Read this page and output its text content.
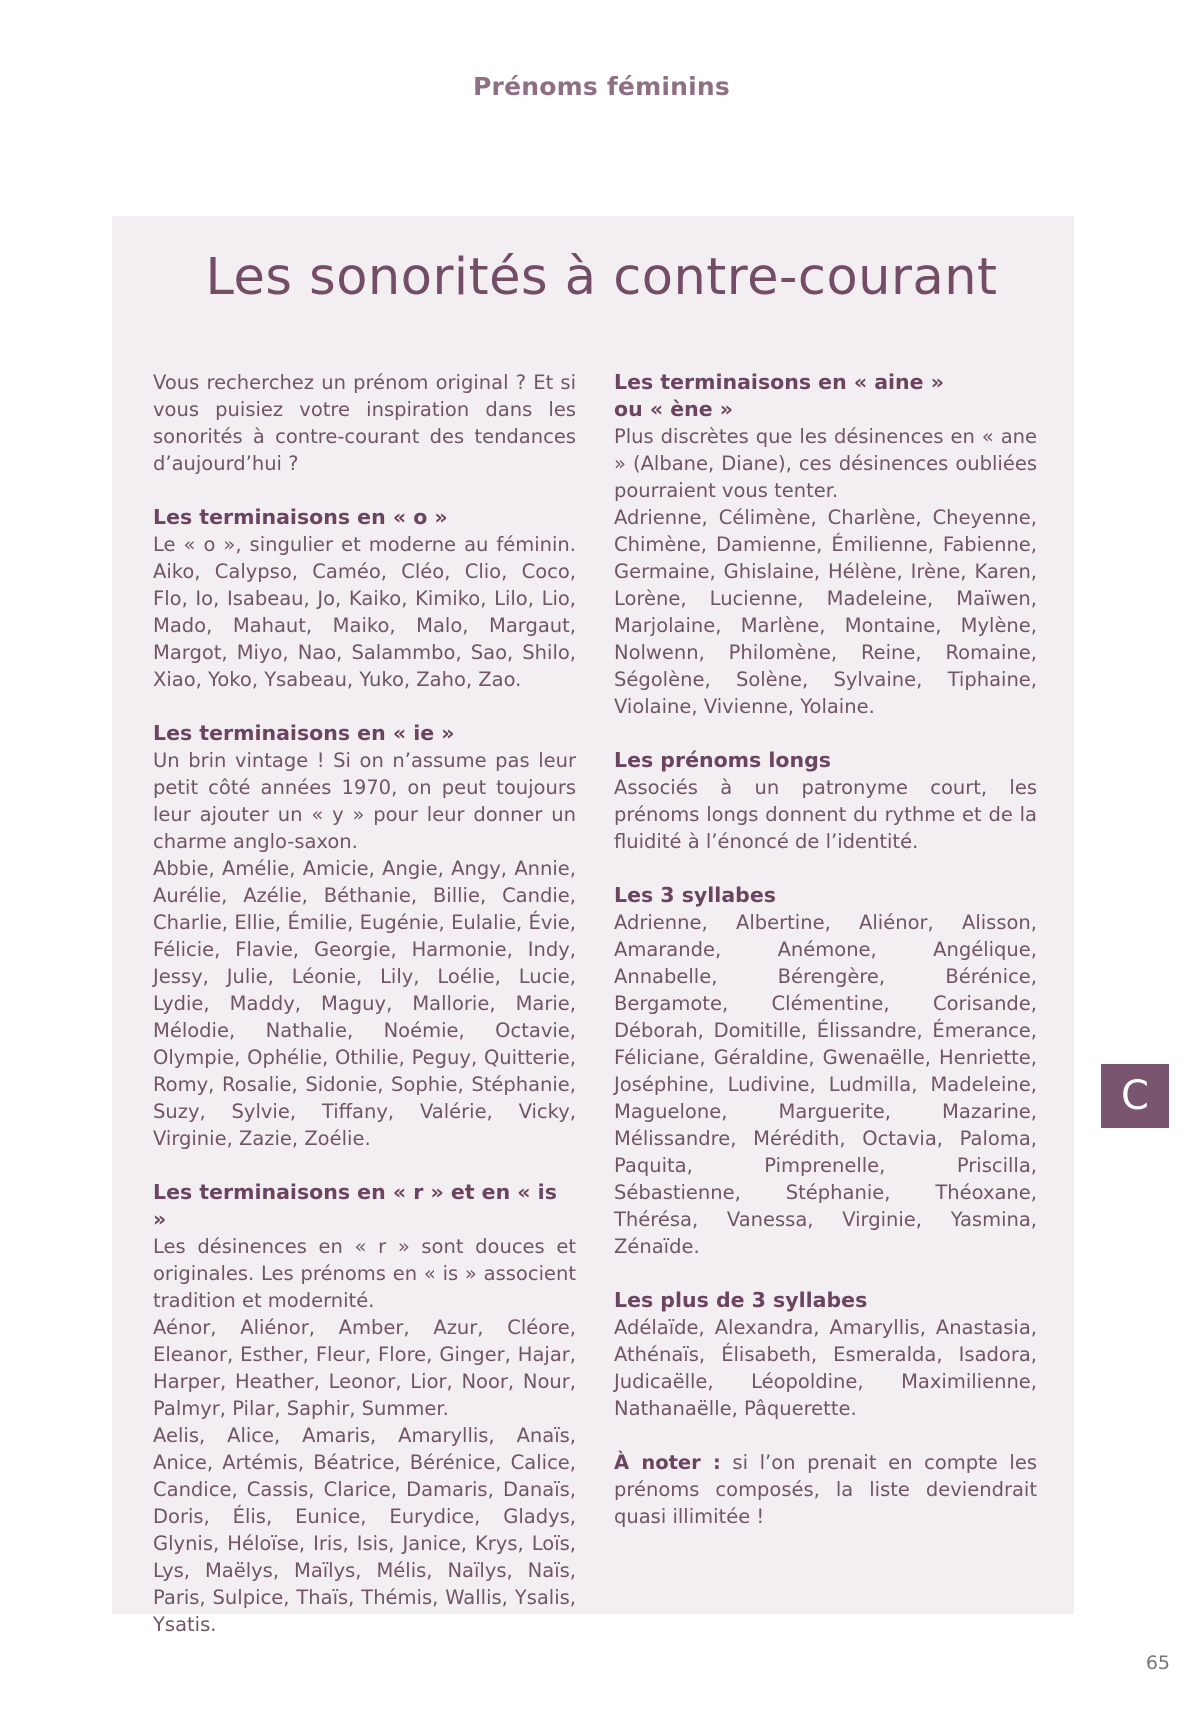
Prénoms féminins
Les sonorités à contre-courant

Vous recherchez un prénom original ? Et si vous puisiez votre inspiration dans les sonorités à contre-courant des tendances d’aujourd’hui ?

Les terminaisons en « o »

Le « o », singulier et moderne au féminin. Aiko, Calypso, Caméo, Cléo, Clio, Coco, Flo, Io, Isabeau, Jo, Kaiko, Kimiko, Lilo, Lio, Mado, Mahaut, Maiko, Malo, Margaut, Margot, Miyo, Nao, Salammbo, Sao, Shilo, Xiao, Yoko, Ysabeau, Yuko, Zaho, Zao.

Les terminaisons en « ie »

Un brin vintage ! Si on n’assume pas leur petit côté années 1970, on peut toujours leur ajouter un « y » pour leur donner un charme anglo-saxon.

Abbie, Amélie, Amicie, Angie, Angy, Annie, Aurélie, Azélie, Béthanie, Billie, Candie, Charlie, Ellie, Émilie, Eugénie, Eulalie, Évie, Félicie, Flavie, Georgie, Harmonie, Indy, Jessy, Julie, Léonie, Lily, Loélie, Lucie, Lydie, Maddy, Maguy, Mallorie, Marie, Mélodie, Nathalie, Noémie, Octavie, Olympie, Ophélie, Othilie, Peguy, Quitterie, Romy, Rosalie, Sidonie, Sophie, Stéphanie, Suzy, Sylvie, Tiffany, Valérie, Vicky, Virginie, Zazie, Zoélie.

Les terminaisons en « r » et en « is »

Les désinences en « r » sont douces et originales. Les prénoms en « is » associent tradition et modernité.

Aénor, Aliénor, Amber, Azur, Cléore, Eleanor, Esther, Fleur, Flore, Ginger, Hajar, Harper, Heather, Leonor, Lior, Noor, Nour, Palmyr, Pilar, Saphir, Summer.

Aelis, Alice, Amaris, Amaryllis, Anaïs, Anice, Artémis, Béatrice, Bérénice, Calice, Candice, Cassis, Clarice, Damaris, Danaïs, Doris, Élis, Eunice, Eurydice, Gladys, Glynis, Héloïse, Iris, Isis, Janice, Krys, Loïs, Lys, Maëlys, Maïlys, Mélis, Naïlys, Naïs, Paris, Sulpice, Thaïs, Thémis, Wallis, Ysalis, Ysatis.

Les terminaisons en « aine »
ou « ène »

Plus discrètes que les désinences en « ane » (Albane, Diane), ces désinences oubliées pourraient vous tenter.

Adrienne, Célimène, Charlène, Cheyenne, Chimène, Damienne, Émilienne, Fabienne, Germaine, Ghislaine, Hélène, Irène, Karen, Lorène, Lucienne, Madeleine, Maïwen, Marjolaine, Marlène, Montaine, Mylène, Nolwenn, Philomène, Reine, Romaine, Ségolène, Solène, Sylvaine, Tiphaine, Violaine, Vivienne, Yolaine.

Les prénoms longs

Associés à un patronyme court, les prénoms longs donnent du rythme et de la fluidité à l’énoncé de l’identité.

Les 3 syllabes

Adrienne, Albertine, Aliénor, Alisson, Amarande, Anémone, Angélique, Annabelle, Bérengère, Bérénice, Bergamote, Clémentine, Corisande, Déborah, Domitille, Élissandre, Émerance, Féliciane, Géraldine, Gwenaëlle, Henriette, Joséphine, Ludivine, Ludmilla, Madeleine, Maguelone, Marguerite, Mazarine, Mélissandre, Mérédith, Octavia, Paloma, Paquita, Pimprenelle, Priscilla, Sébastienne, Stéphanie, Théoxane, Thérésa, Vanessa, Virginie, Yasmina, Zénaïde.

Les plus de 3 syllabes

Adélaïde, Alexandra, Amaryllis, Anastasia, Athénaïs, Élisabeth, Esmeralda, Isadora, Judicaëlle, Léopoldine, Maximilienne, Nathanaëlle, Pâquerette.

À noter : si l’on prenait en compte les prénoms composés, la liste deviendrait quasi illimitée !

C
65
